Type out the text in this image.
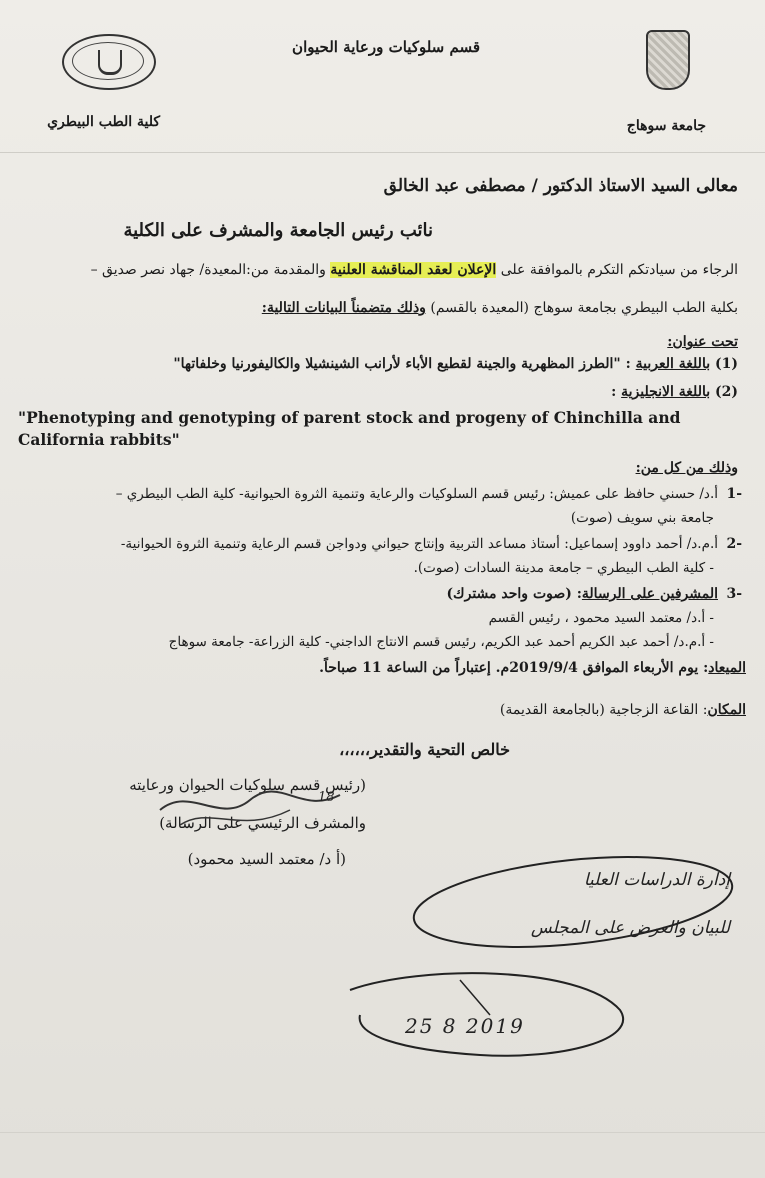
قسم سلوكيات ورعاية الحيوان
كلية الطب البيطري	جامعة سوهاج
معالى السيد الاستاذ الدكتور / مصطفى عبد الخالق
نائب رئيس الجامعة والمشرف على الكلية
الرجاء من سيادتكم التكرم بالموافقة على الإعلان لعقد المناقشة العلنية والمقدمة من:المعيدة/ جهاد نصر صديق –
بكلية الطب البيطري بجامعة سوهاج (المعيدة بالقسم) وذلك متضمناً البيانات التالية:
تحت عنوان:
(1) باللغة العربية : "الطرز المظهرية والجينة لقطيع الأباء لأرانب الشينشيلا والكاليفورنيا وخلفاتها"
(2) باللغة الانجليزية :
"Phenotyping and genotyping of parent stock and progeny of Chinchilla and
California rabbits"
وذلك من كل من:
-1
أ.د/ حسني حافظ على عميش: رئيس قسم السلوكيات والرعاية وتنمية الثروة الحيوانية- كلية الطب البيطري –
جامعة بني سويف (صوت)
-2
أ.م.د/ أحمد داوود إسماعيل: أستاذ مساعد التربية وإنتاج حيواني ودواجن قسم الرعاية وتنمية الثروة الحيوانية-
- كلية الطب البيطري – جامعة مدينة السادات (صوت).
-3
المشرفين على الرسالة: (صوت واحد مشترك)
- أ.د/ معتمد السيد محمود ، رئيس القسم
- أ.م.د/ أحمد عبد الكريم أحمد عبد الكريم، رئيس قسم الانتاج الداجني- كلية الزراعة- جامعة سوهاج
الميعاد: يوم الأربعاء الموافق 2019/9/4م. إعتباراً من الساعة 11 صباحاً.
المكان: القاعة الزجاجية (بالجامعة القديمة)
خالص التحية والتقدير،،،،،،
(رئيس قسم سلوكيات الحيوان ورعايته
والمشرف الرئيسي على الرسالة)
(أ د/ معتمد السيد محمود)
18
إدارة الدراسات العليا
للبيان والعرض على المجلس
25 8 2019
